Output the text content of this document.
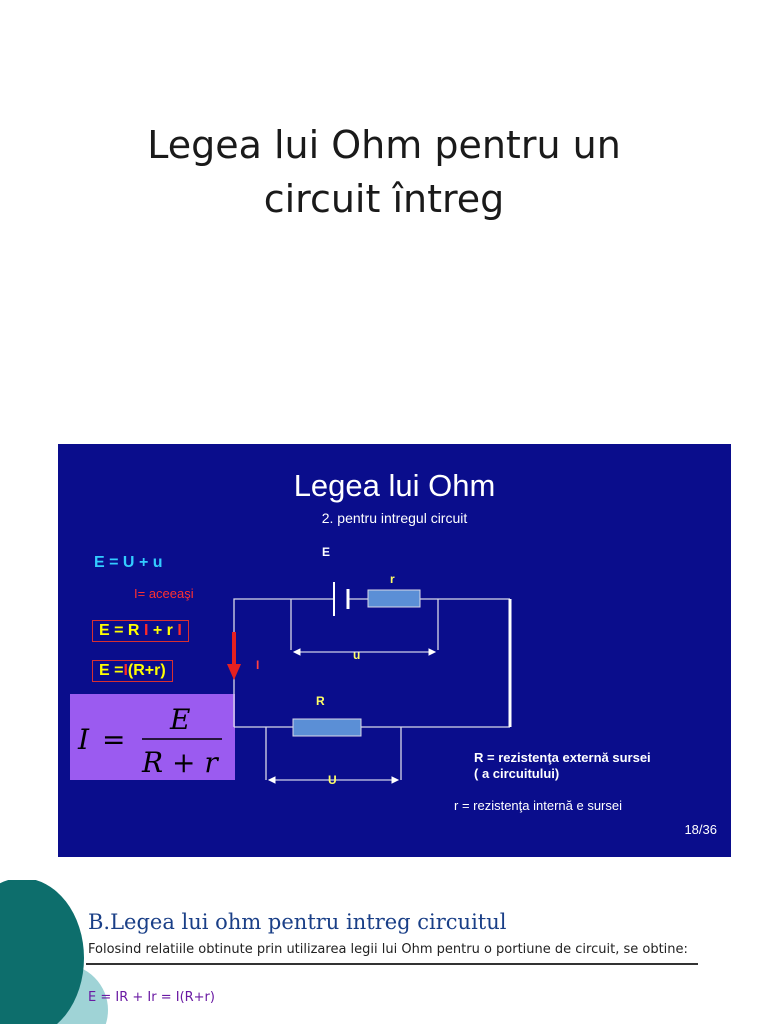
Legea lui Ohm pentru un
circuit întreg
Legea lui Ohm
2. pentru intregul circuit
E = U + u
I= aceeaşi
E = R I + r I
E =I(R+r)
I =
E
R + r
E
r
u
I
R
U
R = rezistenţa externă sursei
( a circuitului)
r = rezistenţa internă e sursei
18/36
B.Legea lui ohm pentru intreg circuitul
Folosind relatiile obtinute prin utilizarea legii lui Ohm pentru o portiune de circuit, se obtine:
E = IR + Ir = I(R+r)
